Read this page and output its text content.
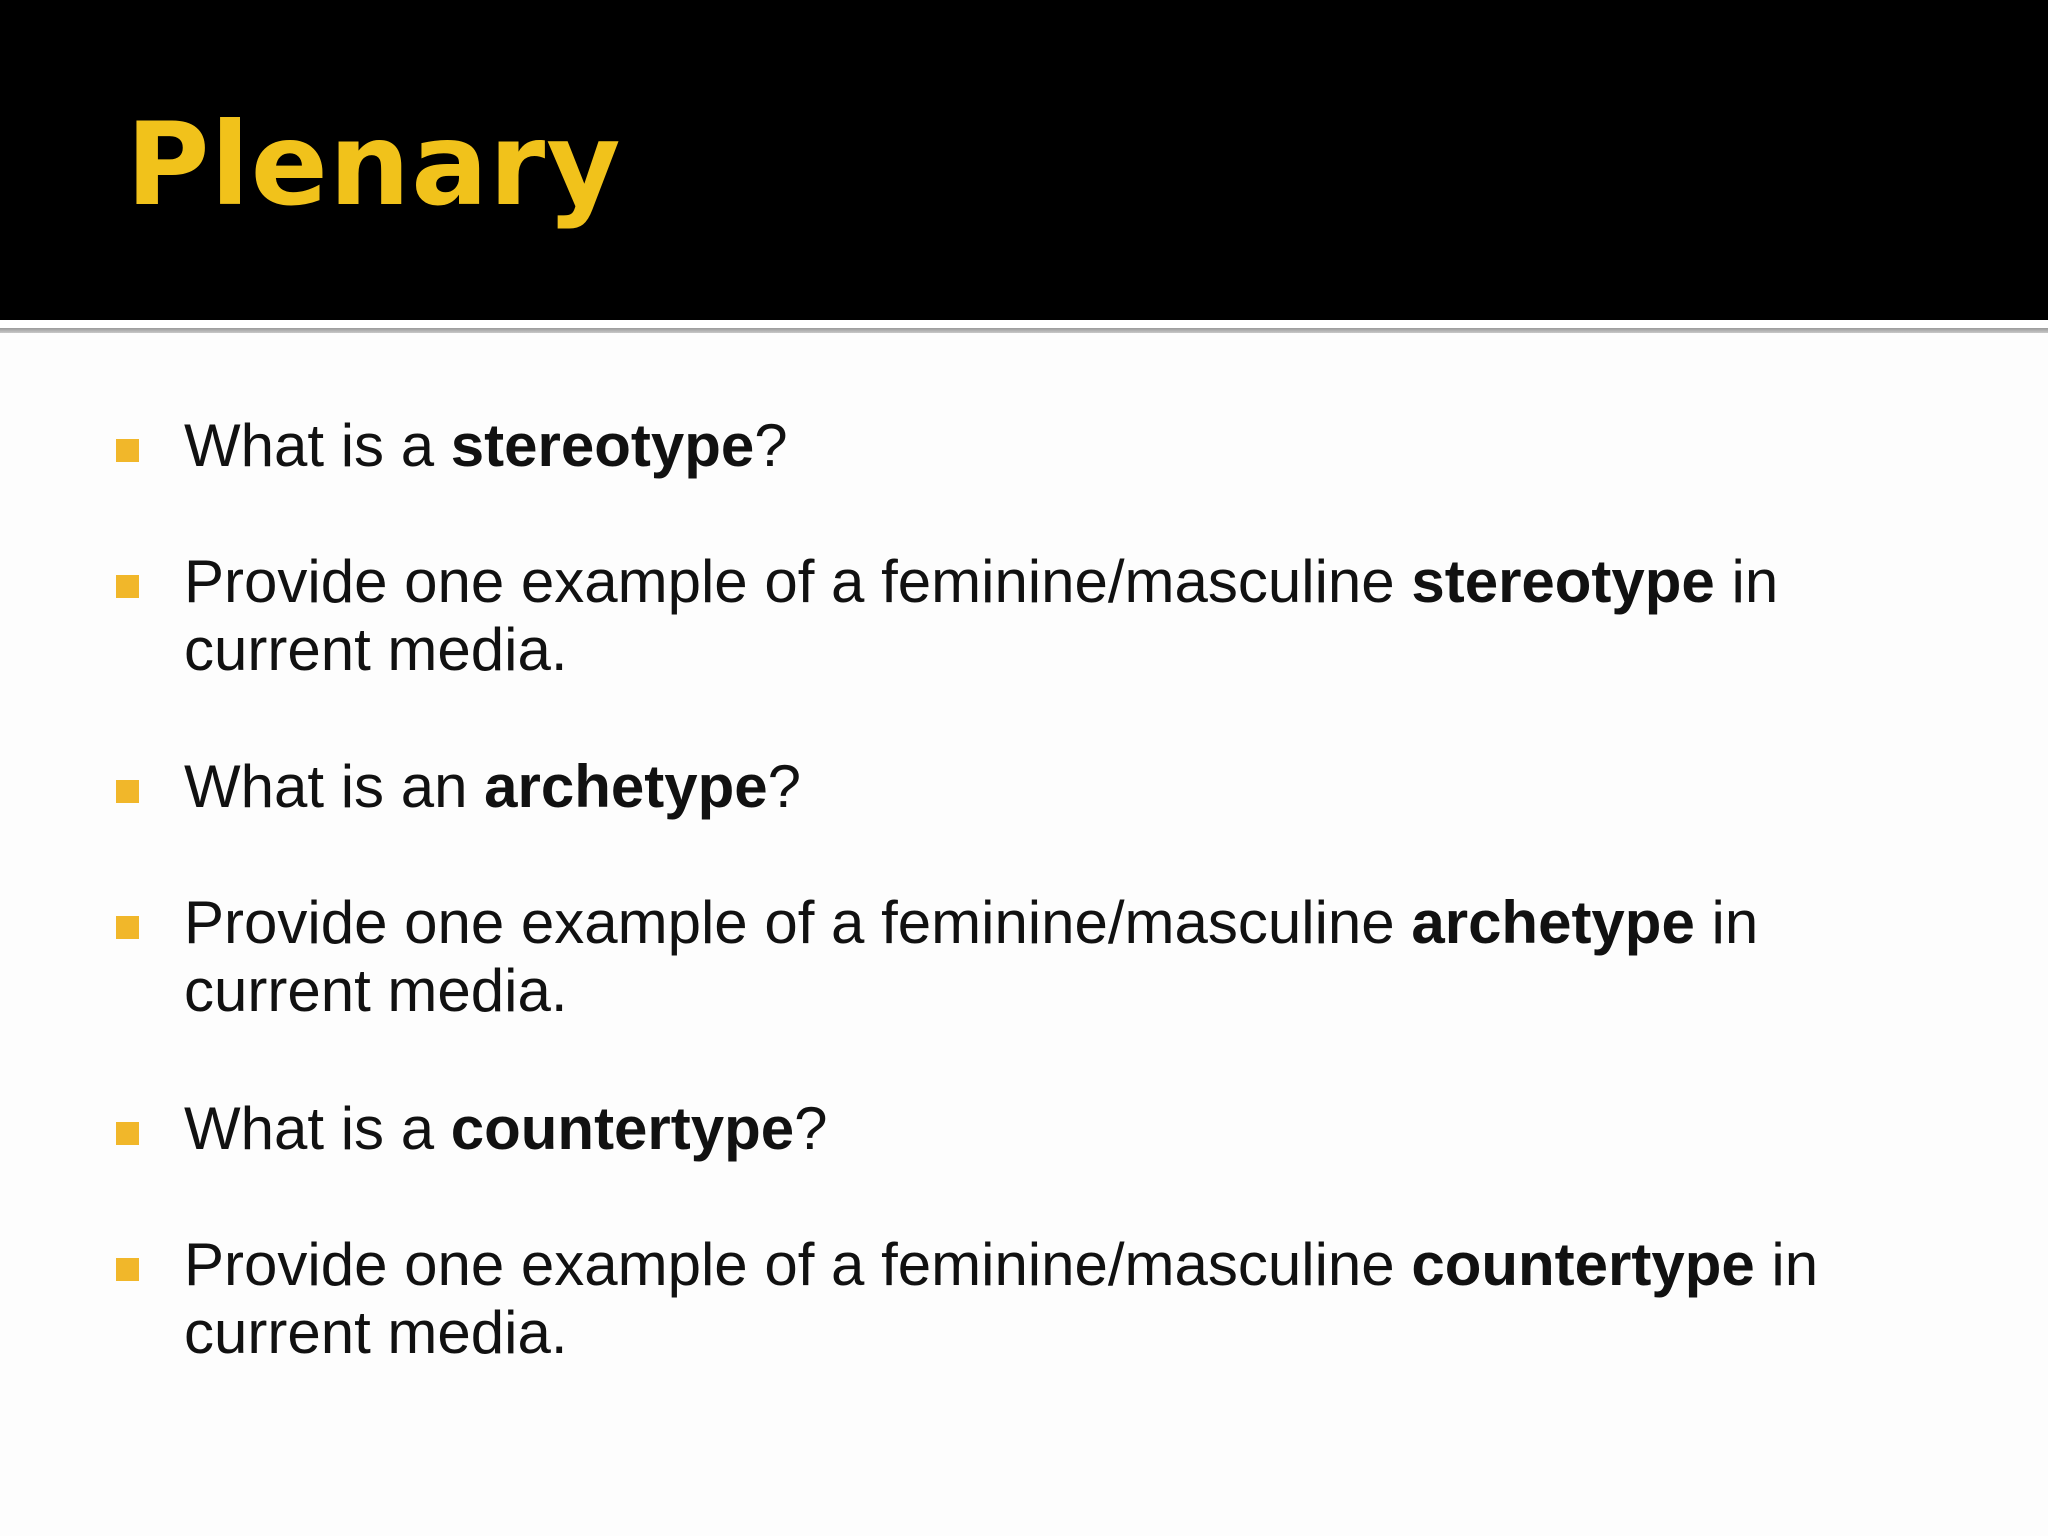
Plenary
What is a stereotype?
Provide one example of a feminine/masculine stereotype in current media.
What is an archetype?
Provide one example of a feminine/masculine archetype in current media.
What is a countertype?
Provide one example of a feminine/masculine countertype in current media.
